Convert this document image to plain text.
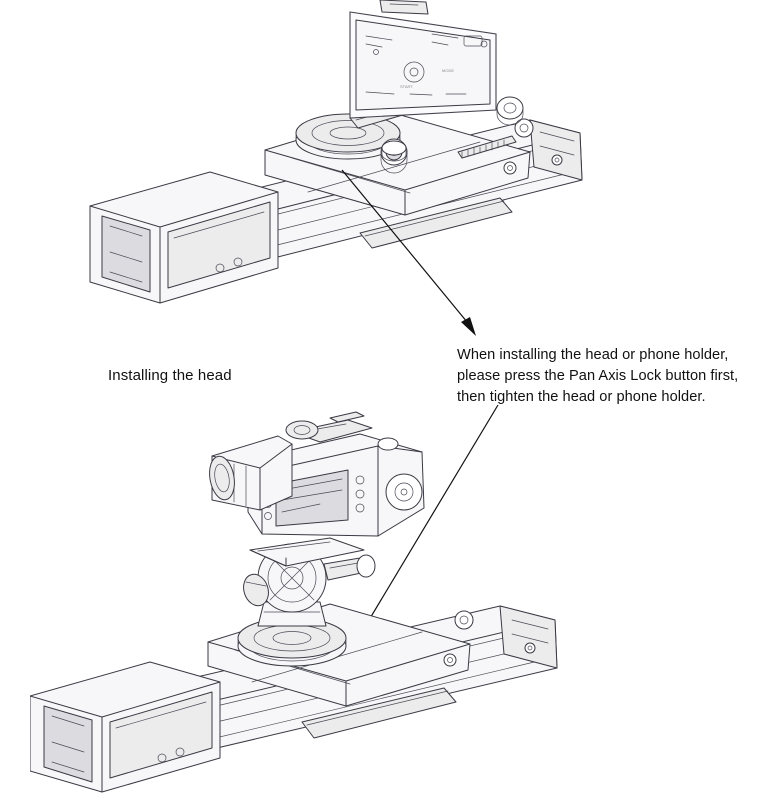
START
MODE
Installing the head
When installing the head or phone holder,
please press the Pan Axis Lock button first,
then tighten the head or phone holder.
